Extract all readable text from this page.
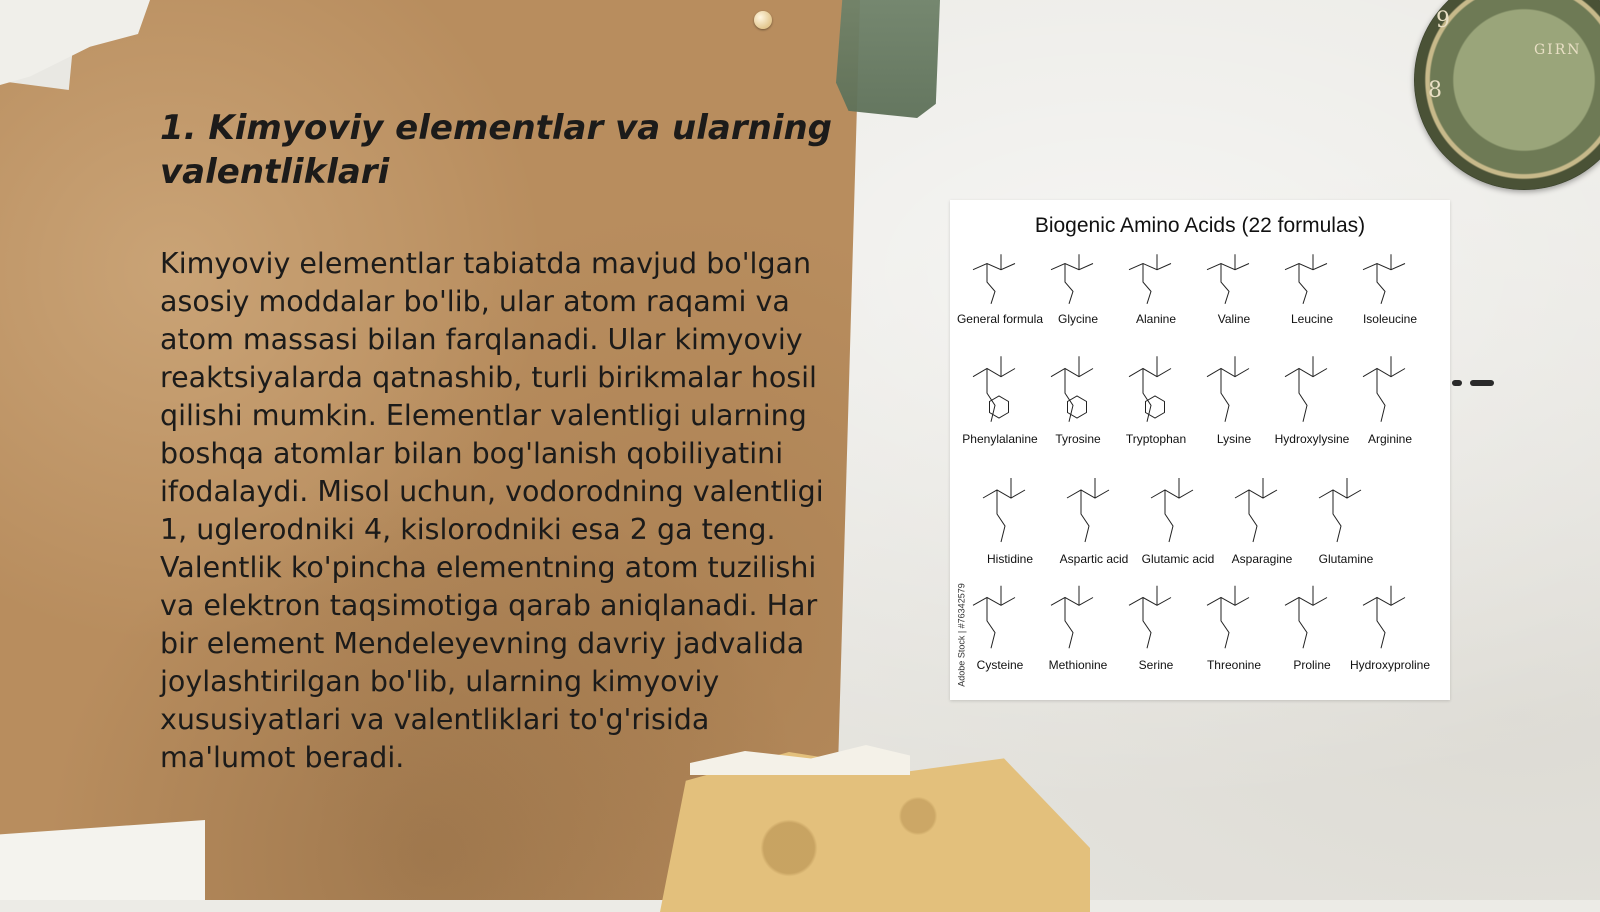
9
8
GIRN
1. Kimyoviy elementlar va ularning valentliklari

Kimyoviy elementlar tabiatda mavjud bo'lgan asosiy moddalar bo'lib, ular atom raqami va atom massasi bilan farqlanadi. Ular kimyoviy reaktsiyalarda qatnashib, turli birikmalar hosil qilishi mumkin. Elementlar valentligi ularning boshqa atomlar bilan bog'lanish qobiliyatini ifodalaydi. Misol uchun, vodorodning valentligi 1, uglerodniki 4, kislorodniki esa 2 ga teng. Valentlik ko'pincha elementning atom tuzilishi va elektron taqsimotiga qarab aniqlanadi. Har bir element Mendeleyevning davriy jadvalida joylashtirilgan bo'lib, ularning kimyoviy xususiyatlari va valentliklari to'g'risida ma'lumot beradi.

Biogenic Amino Acids (22 formulas)
Adobe Stock | #76342579
General formula	Glycine	Alanine	Valine	Leucine	Isoleucine
Phenylalanine	Tyrosine	Tryptophan	Lysine	Hydroxylysine	Arginine
Histidine	Aspartic acid	Glutamic acid	Asparagine	Glutamine
Cysteine	Methionine	Serine	Threonine	Proline	Hydroxyproline
